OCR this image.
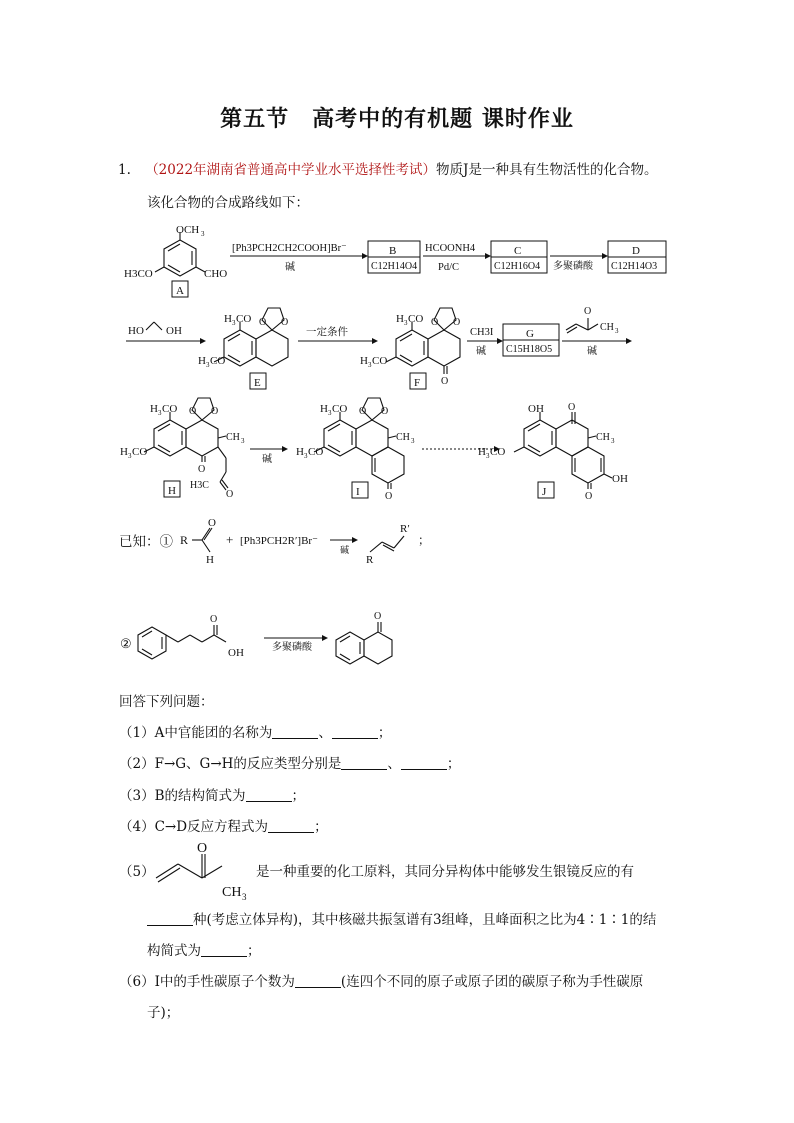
第五节　高考中的有机题 课时作业
1. （2022年湖南省普通高中学业水平选择性考试）物质J是一种具有生物活性的化合物。
该化合物的合成路线如下：
OCH 3
H3CO	CHO
A
[Ph3PCH2CH2COOH]Br⁻
碱
B
C12H14O4
HCOONH4
Pd/C
C
C12H16O4 多聚磷酸
D
C12H14O3
HO OH
H 3 CO
H 3 CO
O O
E
一定条件
H 3 CO
H 3 CO
O O
O
F
CH3I
碱
G
C15H18O5
O
CH 3
碱
H 3 CO
H 3 CO
O O
CH 3
O
H3C
O
H
碱
H 3 CO
H 3 CO
O O
CH 3
O
I
OH O
H 3 CO
CH 3
O
OH
J
R
O
H
+ [Ph3PCH2R′]Br⁻
碱
R′
R
；
②
O
OH	多聚磷酸
O
O
CH 3
已知：①
回答下列问题：
（1）A中官能团的名称为	、	；
（2）F→G、G→H的反应类型分别是	、	；
（3）B的结构简式为	；
（4）C→D反应方程式为	；
（5）	是一种重要的化工原料，其同分异构体中能够发生银镜反应的有
种(考虑立体异构)，其中核磁共振氢谱有3组峰，且峰面积之比为4∶1∶1的结
构简式为	；
（6）Ⅰ中的手性碳原子个数为	(连四个不同的原子或原子团的碳原子称为手性碳原
子)；
